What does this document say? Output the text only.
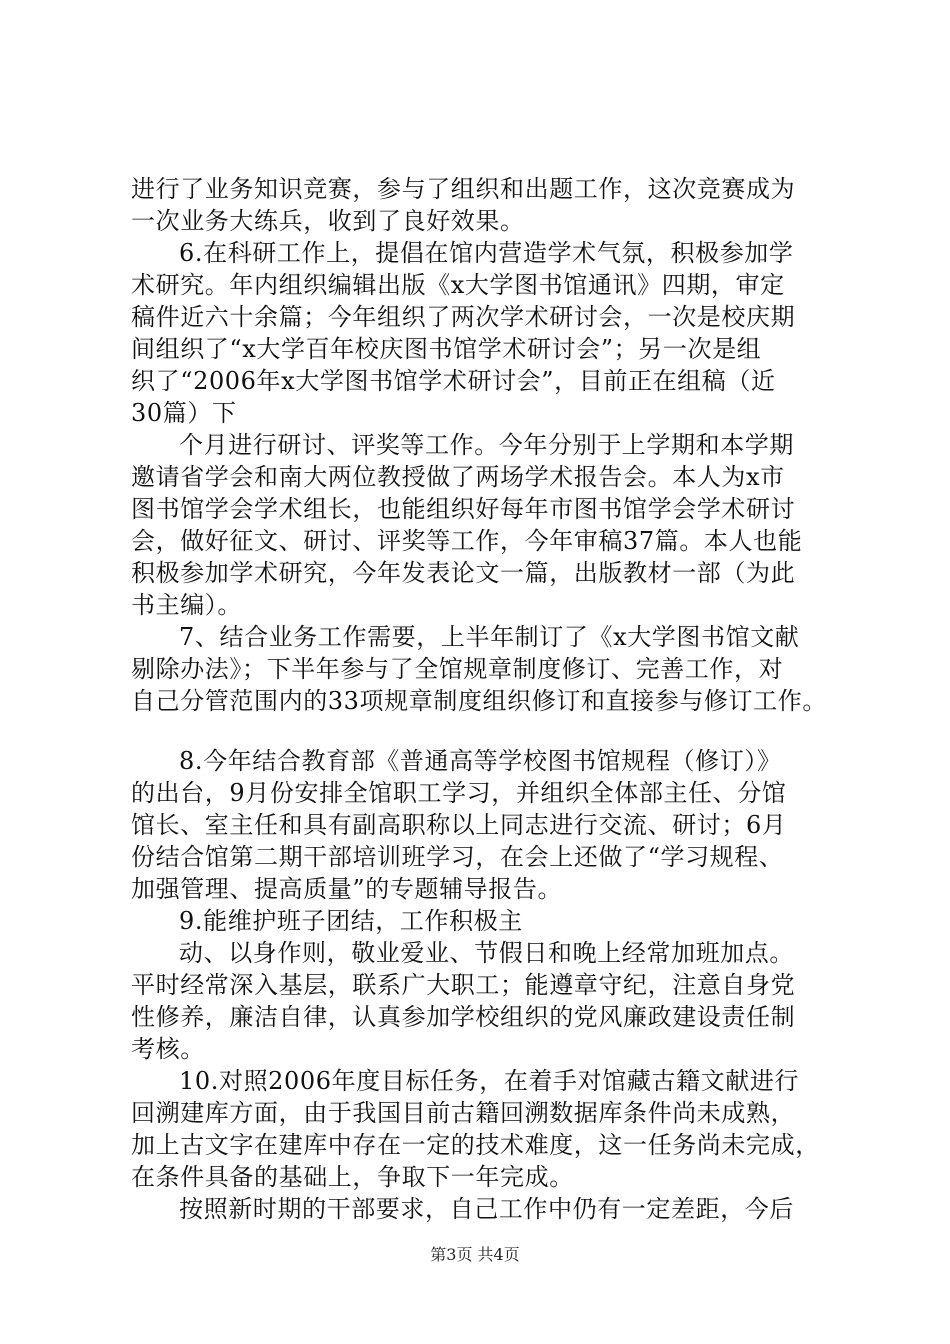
进行了业务知识竞赛，参与了组织和出题工作，这次竞赛成为
一次业务大练兵，收到了良好效果。
6.在科研工作上，提倡在馆内营造学术气氛，积极参加学
术研究。年内组织编辑出版《x大学图书馆通讯》四期，审定
稿件近六十余篇；今年组织了两次学术研讨会，一次是校庆期
间组织了“x大学百年校庆图书馆学术研讨会”；另一次是组
织了“2006年x大学图书馆学术研讨会”，目前正在组稿（近
30篇）下
个月进行研讨、评奖等工作。今年分别于上学期和本学期
邀请省学会和南大两位教授做了两场学术报告会。本人为x市
图书馆学会学术组长，也能组织好每年市图书馆学会学术研讨
会，做好征文、研讨、评奖等工作，今年审稿37篇。本人也能
积极参加学术研究，今年发表论文一篇，出版教材一部（为此
书主编）。
7、结合业务工作需要，上半年制订了《x大学图书馆文献
剔除办法》；下半年参与了全馆规章制度修订、完善工作，对
自己分管范围内的33项规章制度组织修订和直接参与修订工作。
8.今年结合教育部《普通高等学校图书馆规程（修订）》
的出台，9月份安排全馆职工学习，并组织全体部主任、分馆
馆长、室主任和具有副高职称以上同志进行交流、研讨；6月
份结合馆第二期干部培训班学习，在会上还做了“学习规程、
加强管理、提高质量”的专题辅导报告。
9.能维护班子团结，工作积极主
动、以身作则，敬业爱业、节假日和晚上经常加班加点。
平时经常深入基层，联系广大职工；能遵章守纪，注意自身党
性修养，廉洁自律，认真参加学校组织的党风廉政建设责任制
考核。
10.对照2006年度目标任务，在着手对馆藏古籍文献进行
回溯建库方面，由于我国目前古籍回溯数据库条件尚未成熟，
加上古文字在建库中存在一定的技术难度，这一任务尚未完成，
在条件具备的基础上，争取下一年完成。
按照新时期的干部要求，自己工作中仍有一定差距，今后
第3页 共4页
